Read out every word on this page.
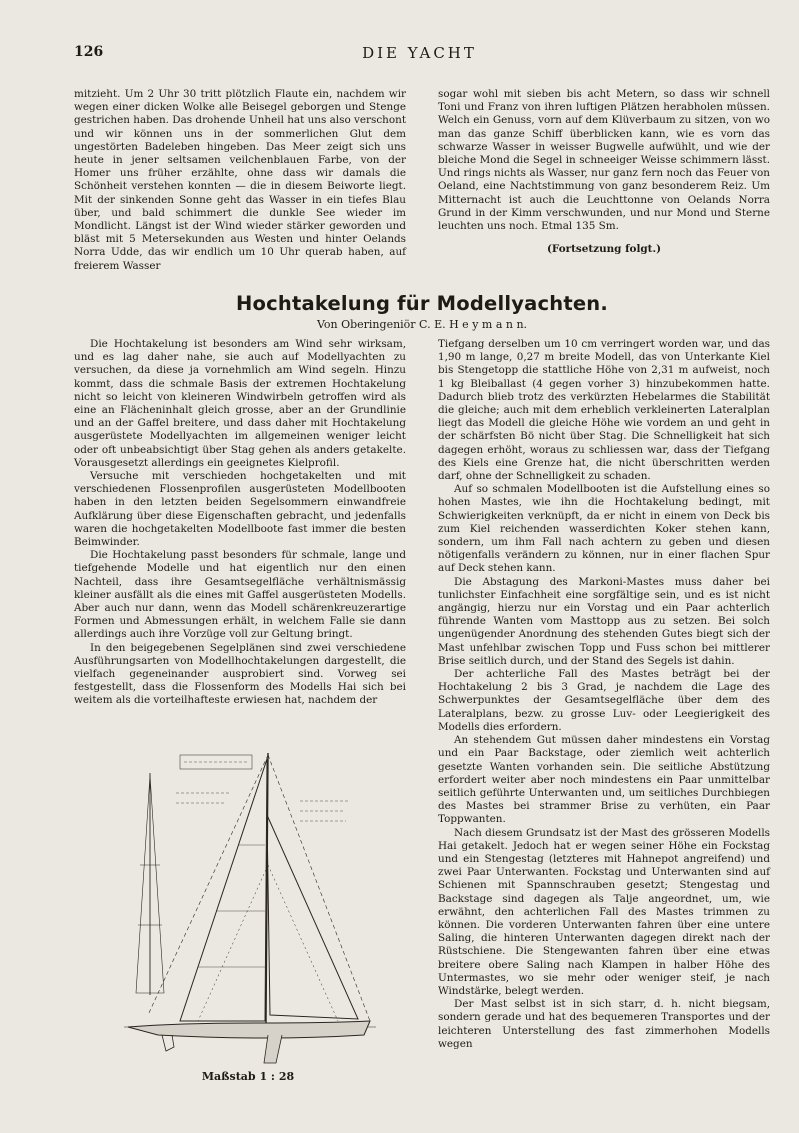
126	DIE YACHT

mitzieht. Um 2 Uhr 30 tritt plötzlich Flaute ein, nachdem wir wegen einer dicken Wolke alle Beisegel geborgen und Stenge gestrichen haben. Das drohende Unheil hat uns also verschont und wir können uns in der sommerlichen Glut dem ungestörten Badeleben hingeben. Das Meer zeigt sich uns heute in jener seltsamen veilchenblauen Farbe, von der Homer uns früher erzählte, ohne dass wir damals die Schönheit verstehen konnten — die in diesem Beiworte liegt. Mit der sinkenden Sonne geht das Wasser in ein tiefes Blau über, und bald schimmert die dunkle See wieder im Mondlicht. Längst ist der Wind wieder stärker geworden und bläst mit 5 Metersekunden aus Westen und hinter Oelands Norra Udde, das wir endlich um 10 Uhr querab haben, auf freierem Wasser

sogar wohl mit sieben bis acht Metern, so dass wir schnell Toni und Franz von ihren luftigen Plätzen herabholen müssen. Welch ein Genuss, vorn auf dem Klüverbaum zu sitzen, von wo man das ganze Schiff überblicken kann, wie es vorn das schwarze Wasser in weisser Bugwelle aufwühlt, und wie der bleiche Mond die Segel in schneeiger Weisse schimmern lässt. Und rings nichts als Wasser, nur ganz fern noch das Feuer von Oeland, eine Nachtstimmung von ganz besonderem Reiz. Um Mitternacht ist auch die Leuchttonne von Oelands Norra Grund in der Kimm verschwunden, und nur Mond und Sterne leuchten uns noch. Etmal 135 Sm.

(Fortsetzung folgt.)

Hochtakelung für Modellyachten.
Von Oberingeniör C. E. H e y m a n n.

Die Hochtakelung ist besonders am Wind sehr wirksam, und es lag daher nahe, sie auch auf Modellyachten zu versuchen, da diese ja vornehmlich am Wind segeln. Hinzu kommt, dass die schmale Basis der extremen Hochtakelung nicht so leicht von kleineren Windwirbeln getroffen wird als eine an Flächeninhalt gleich grosse, aber an der Grundlinie und an der Gaffel breitere, und dass daher mit Hochtakelung ausgerüstete Modellyachten im allgemeinen weniger leicht oder oft unbeabsichtigt über Stag gehen als anders getakelte. Vorausgesetzt allerdings ein geeignetes Kielprofil.

Versuche mit verschieden hochgetakelten und mit verschiedenen Flossenprofilen ausgerüsteten Modellbooten haben in den letzten beiden Segelsommern einwandfreie Aufklärung über diese Eigenschaften gebracht, und jedenfalls waren die hochgetakelten Modellboote fast immer die besten Beimwinder.

Die Hochtakelung passt besonders für schmale, lange und tiefgehende Modelle und hat eigentlich nur den einen Nachteil, dass ihre Gesamtsegelfläche verhältnismässig kleiner ausfällt als die eines mit Gaffel ausgerüsteten Modells. Aber auch nur dann, wenn das Modell schärenkreuzerartige Formen und Abmessungen erhält, in welchem Falle sie dann allerdings auch ihre Vorzüge voll zur Geltung bringt.

In den beigegebenen Segelplänen sind zwei verschiedene Ausführungsarten von Modellhochtakelungen dargestellt, die vielfach gegeneinander ausprobiert sind. Vorweg sei festgestellt, dass die Flossenform des Modells Hai sich bei weitem als die vorteilhafteste erwiesen hat, nachdem der

Tiefgang derselben um 10 cm verringert worden war, und das 1,90 m lange, 0,27 m breite Modell, das von Unterkante Kiel bis Stengetopp die stattliche Höhe von 2,31 m aufweist, noch 1 kg Bleiballast (4 gegen vorher 3) hinzubekommen hatte. Dadurch blieb trotz des verkürzten Hebelarmes die Stabilität die gleiche; auch mit dem erheblich verkleinerten Lateralplan liegt das Modell die gleiche Höhe wie vordem an und geht in der schärfsten Bö nicht über Stag. Die Schnelligkeit hat sich dagegen erhöht, woraus zu schliessen war, dass der Tiefgang des Kiels eine Grenze hat, die nicht überschritten werden darf, ohne der Schnelligkeit zu schaden.

Auf so schmalen Modellbooten ist die Aufstellung eines so hohen Mastes, wie ihn die Hochtakelung bedingt, mit Schwierigkeiten verknüpft, da er nicht in einem von Deck bis zum Kiel reichenden wasserdichten Koker stehen kann, sondern, um ihm Fall nach achtern zu geben und diesen nötigenfalls verändern zu können, nur in einer flachen Spur auf Deck stehen kann.

Die Abstagung des Markoni-Mastes muss daher bei tunlichster Einfachheit eine sorgfältige sein, und es ist nicht angängig, hierzu nur ein Vorstag und ein Paar achterlich führende Wanten vom Masttopp aus zu setzen. Bei solch ungenügender Anordnung des stehenden Gutes biegt sich der Mast unfehlbar zwischen Topp und Fuss schon bei mittlerer Brise seitlich durch, und der Stand des Segels ist dahin.

Der achterliche Fall des Mastes beträgt bei der Hochtakelung 2 bis 3 Grad, je nachdem die Lage des Schwerpunktes der Gesamtsegelfläche über dem des Lateralplans, bezw. zu grosse Luv- oder Leegierigkeit des Modells dies erfordern.

An stehendem Gut müssen daher mindestens ein Vorstag und ein Paar Backstage, oder ziemlich weit achterlich gesetzte Wanten vorhanden sein. Die seitliche Abstützung erfordert weiter aber noch mindestens ein Paar unmittelbar seitlich geführte Unterwanten und, um seitliches Durchbiegen des Mastes bei strammer Brise zu verhüten, ein Paar Toppwanten.

Nach diesem Grundsatz ist der Mast des grösseren Modells Hai getakelt. Jedoch hat er wegen seiner Höhe ein Fockstag und ein Stengestag (letzteres mit Hahnepot angreifend) und zwei Paar Unterwanten. Fockstag und Unterwanten sind auf Schienen mit Spannschrauben gesetzt; Stengestag und Backstage sind dagegen als Talje angeordnet, um, wie erwähnt, den achterlichen Fall des Mastes trimmen zu können. Die vorderen Unterwanten fahren über eine untere Saling, die hinteren Unterwanten dagegen direkt nach der Rüstschiene. Die Stengewanten fahren über eine etwas breitere obere Saling nach Klampen in halber Höhe des Untermastes, wo sie mehr oder weniger steif, je nach Windstärke, belegt werden.

Der Mast selbst ist in sich starr, d. h. nicht biegsam, sondern gerade und hat des bequemeren Transportes und der leichteren Unterstellung des fast zimmerhohen Modells wegen

Maßstab 1 : 28
